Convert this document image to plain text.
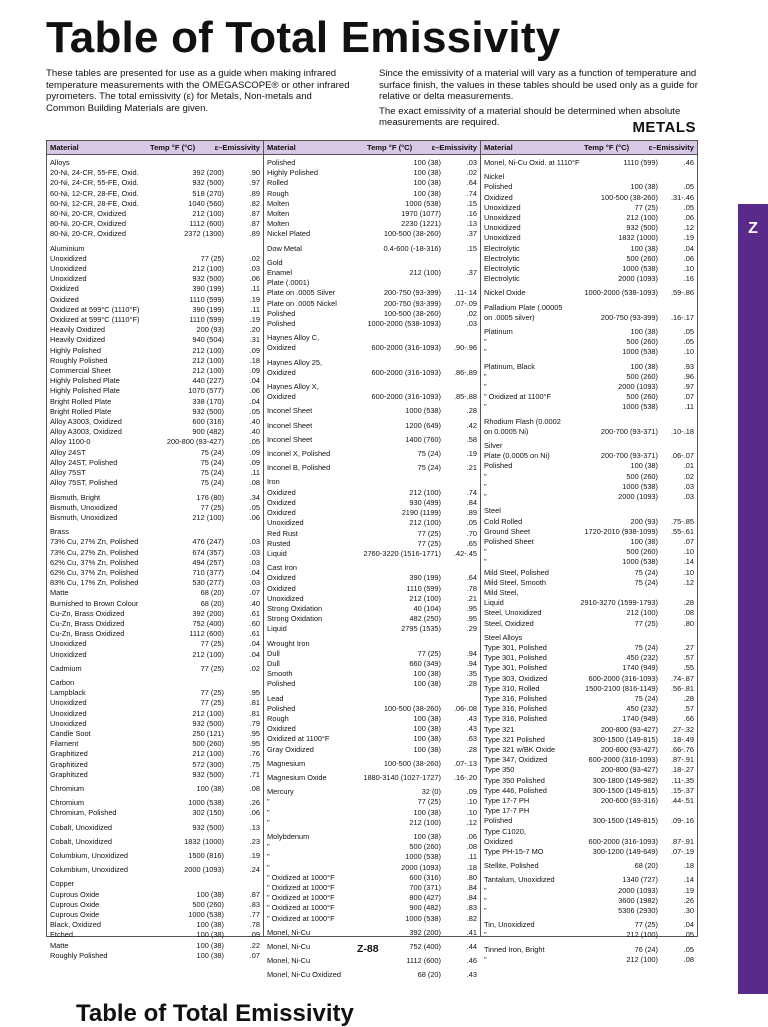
Table of Total Emissivity

These tables are presented for use as a guide when making infrared temperature measurements with the OMEGASCOPE® or other infrared pyrometers. The total emissivity (ε) for Metals, Non-metals and Common Building Materials are given.

Since the emissivity of a material will vary as a function of temperature and surface finish, the values in these tables should be used only as a guide for relative or delta measurements.

The exact emissivity of a material should be determined when absolute measurements are required.	METALS
Material	Temp °F (°C)	ε–Emissivity
Alloys
20-Ni, 24-CR, 55-FE, Oxid.	392 (200)	.90
20-Ni, 24-CR, 55-FE, Oxid.	932 (500)	.97
60-Ni, 12-CR, 28-FE, Oxid.	518 (270)	.89
60-Ni, 12-CR, 28-FE, Oxid.	1040 (560)	.82
80-Ni, 20-CR, Oxidized	212 (100)	.87
80-Ni, 20-CR, Oxidized	1112 (600)	.87
80-Ni, 20-CR, Oxidized	2372 (1300)	.89
Aluminium
Unoxidized	77 (25)	.02
Unoxidized	212 (100)	.03
Unoxidized	932 (500)	.06
Oxidized	390 (199)	.11
Oxidized	1110 (599)	.19
Oxidized at 599°C (1110°F)	390 (199)	.11
Oxidized at 599°C (1110°F)	1110 (599)	.19
Heavily Oxidized	200 (93)	.20
Heavily Oxidized	940 (504)	.31
Highly Polished	212 (100)	.09
Roughly Polished	212 (100)	.18
Commercial Sheet	212 (100)	.09
Highly Polished Plate	440 (227)	.04
Highly Polished Plate	1070 (577)	.06
Bright Rolled Plate	338 (170)	.04
Bright Rolled Plate	932 (500)	.05
Alloy A3003, Oxidized	600 (316)	.40
Alloy A3003, Oxidized	900 (482)	.40
Alloy 1100-0	200-800 (93-427)	.05
Alloy 24ST	75 (24)	.09
Alloy 24ST, Polished	75 (24)	.09
Alloy 75ST	75 (24)	.11
Alloy 75ST, Polished	75 (24)	.08
Bismuth, Bright	176 (80)	.34
Bismuth, Unoxidized	77 (25)	.05
Bismuth, Unoxidized	212 (100)	.06
Brass
73% Cu, 27% Zn, Polished	476 (247)	.03
73% Cu, 27% Zn, Polished	674 (357)	.03
62% Cu, 37% Zn, Polished	494 (257)	.03
62% Cu, 37% Zn, Polished	710 (377)	.04
83% Cu, 17% Zn, Polished	530 (277)	.03
Matte	68 (20)	.07
Burnished to Brown Colour	68 (20)	.40
Cu-Zn, Brass Oxidized	392 (200)	.61
Cu-Zn, Brass Oxidized	752 (400)	.60
Cu-Zn, Brass Oxidized	1112 (600)	.61
Unoxidized	77 (25)	.04
Unoxidized	212 (100)	.04
Cadmium	77 (25)	.02
Carbon
Lampblack	77 (25)	.95
Unoxidized	77 (25)	.81
Unoxidized	212 (100)	.81
Unoxidized	932 (500)	.79
Candle Soot	250 (121)	.95
Filament	500 (260)	.95
Graphitized	212 (100)	.76
Graphitized	572 (300)	.75
Graphitized	932 (500)	.71
Chromium	100 (38)	.08
Chromium	1000 (538)	.26
Chromium, Polished	302 (150)	.06
Cobalt, Unoxidized	932 (500)	.13
Cobalt, Unoxidized	1832 (1000)	.23
Columbium, Unoxidized	1500 (816)	.19
Columbium, Unoxidized	2000 (1093)	.24
Copper
Cuprous Oxide	100 (38)	.87
Cuprous Oxide	500 (260)	.83
Cuprous Oxide	1000 (538)	.77
Black, Oxidized	100 (38)	.78
Etched	100 (38)	.09
Matte	100 (38)	.22
Roughly Polished	100 (38)	.07
Material	Temp °F (°C)	ε–Emissivity
Polished	100 (38)	.03
Highly Polished	100 (38)	.02
Rolled	100 (38)	.64
Rough	100 (38)	.74
Molten	1000 (538)	.15
Molten	1970 (1077)	.16
Molten	2230 (1221)	.13
Nickel Plated	100-500 (38-260)	.37
Dow Metal	0.4-600 (-18-316)	.15
Gold
Enamel	212 (100)	.37
Plate (.0001)
Plate on .0005 Silver	200-750 (93-399)	.11-.14
Plate on .0005 Nickel	200-750 (93-399)	.07-.09
Polished	100-500 (38-260)	.02
Polished	1000-2000 (538-1093)	.03
Haynes Alloy C,
Oxidized	600-2000 (316-1093)	.90-.96
Haynes Alloy 25,
Oxidized	600-2000 (316-1093)	.86-.89
Haynes Alloy X,
Oxidized	600-2000 (316-1093)	.85-.88
Inconel Sheet	1000 (538)	.28
Inconel Sheet	1200 (649)	.42
Inconel Sheet	1400 (760)	.58
Inconel X, Polished	75 (24)	.19
Inconel B, Polished	75 (24)	.21
Iron
Oxidized	212 (100)	.74
Oxidized	930 (499)	.84
Oxidized	2190 (1199)	.89
Unoxidized	212 (100)	.05
Red Rust	77 (25)	.70
Rusted	77 (25)	.65
Liquid	2760-3220 (1516-1771)	.42-.45
Cast Iron
Oxidized	390 (199)	.64
Oxidized	1110 (599)	.78
Unoxidized	212 (100)	.21
Strong Oxidation	40 (104)	.95
Strong Oxidation	482 (250)	.95
Liquid	2795 (1535)	.29
Wrought Iron
Dull	77 (25)	.94
Dull	660 (349)	.94
Smooth	100 (38)	.35
Polished	100 (38)	.28
Lead
Polished	100-500 (38-260)	.06-.08
Rough	100 (38)	.43
Oxidized	100 (38)	.43
Oxidized at 1100°F	100 (38)	.63
Gray Oxidized	100 (38)	.28
Magnesium	100-500 (38-260)	.07-.13
Magnesium Oxide	1880-3140 (1027-1727)	.16-.20
Mercury	32 (0)	.09
"	77 (25)	.10
"	100 (38)	.10
"	212 (100)	.12
Molybdenum	100 (38)	.06
"	500 (260)	.08
"	1000 (538)	.11
"	2000 (1093)	.18
" Oxidized at 1000°F	600 (316)	.80
" Oxidized at 1000°F	700 (371)	.84
" Oxidized at 1000°F	800 (427)	.84
" Oxidized at 1000°F	900 (482)	.83
" Oxidized at 1000°F	1000 (538)	.82
Monel, Ni-Cu	392 (200)	.41
Monel, Ni-Cu	752 (400)	.44
Monel, Ni-Cu	1112 (600)	.46
Monel, Ni-Cu Oxidized	68 (20)	.43
Material	Temp °F (°C)	ε–Emissivity
Monel, Ni-Cu Oxid. at 1110°F	1110 (599)	.46
Nickel
Polished	100 (38)	.05
Oxidized	100-500 (38-260)	.31-.46
Unoxidized	77 (25)	.05
Unoxidized	212 (100)	.06
Unoxidized	932 (500)	.12
Unoxidized	1832 (1000)	.19
Electrolytic	100 (38)	.04
Electrolytic	500 (260)	.06
Electrolytic	1000 (538)	.10
Electrolytic	2000 (1093)	.16
Nickel Oxide	1000-2000 (538-1093)	.59-.86
Palladium Plate (.00005
on .0005 silver)	200-750 (93-399)	.16-.17
Platinum	100 (38)	.05
"	500 (260)	.05
"	1000 (538)	.10
Platinum, Black	100 (38)	.93
"	500 (260)	.96
"	2000 (1093)	.97
" Oxidized at 1100°F	500 (260)	.07
"	1000 (538)	.11
Rhodium Flash (0.0002
on 0.0005 Ni)	200-700 (93-371)	.10-.18
Silver
Plate (0.0005 on Ni)	200-700 (93-371)	.06-.07
Polished	100 (38)	.01
"	500 (260)	.02
"	1000 (538)	.03
"	2000 (1093)	.03
Steel
Cold Rolled	200 (93)	.75-.85
Ground Sheet	1720-2010 (938-1099)	.55-.61
Polished Sheet	100 (38)	.07
"	500 (260)	.10
"	1000 (538)	.14
Mild Steel, Polished	75 (24)	.10
Mild Steel, Smooth	75 (24)	.12
Mild Steel,
Liquid	2910-3270 (1599-1793)	.28
Steel, Unoxidized	212 (100)	.08
Steel, Oxidized	77 (25)	.80
Steel Alloys
Type 301, Polished	75 (24)	.27
Type 301, Polished	450 (232)	.57
Type 301, Polished	1740 (949)	.55
Type 303, Oxidized	600-2000 (316-1093)	.74-.87
Type 310, Rolled	1500-2100 (816-1149)	.56-.81
Type 316, Polished	75 (24)	.28
Type 316, Polished	450 (232)	.57
Type 316, Polished	1740 (949)	.66
Type 321	200-800 (93-427)	.27-.32
Type 321 Polished	300-1500 (149-815)	.18-.49
Type 321 w/BK Oxide	200-800 (93-427)	.66-.76
Type 347, Oxidized	600-2000 (316-1093)	.87-.91
Type 350	200-800 (93-427)	.18-.27
Type 350 Polished	300-1800 (149-982)	.11-.35
Type 446, Polished	300-1500 (149-815)	.15-.37
Type 17-7 PH	200-600 (93-316)	.44-.51
Type 17-7 PH
Polished	300-1500 (149-815)	.09-.16
Type C1020,
Oxidized	600-2000 (316-1093)	.87-.91
Type PH-15-7 MO	300-1200 (149-649)	.07-.19
Stellite, Polished	68 (20)	.18
Tantalum, Unoxidized	1340 (727)	.14
"	2000 (1093)	.19
"	3600 (1982)	.26
"	5306 (2930)	.30
Tin, Unoxidized	77 (25)	.04
"	212 (100)	.05
Tinned Iron, Bright	76 (24)	.05
"	212 (100)	.08
Z
Z-88
Table of Total Emissivity
